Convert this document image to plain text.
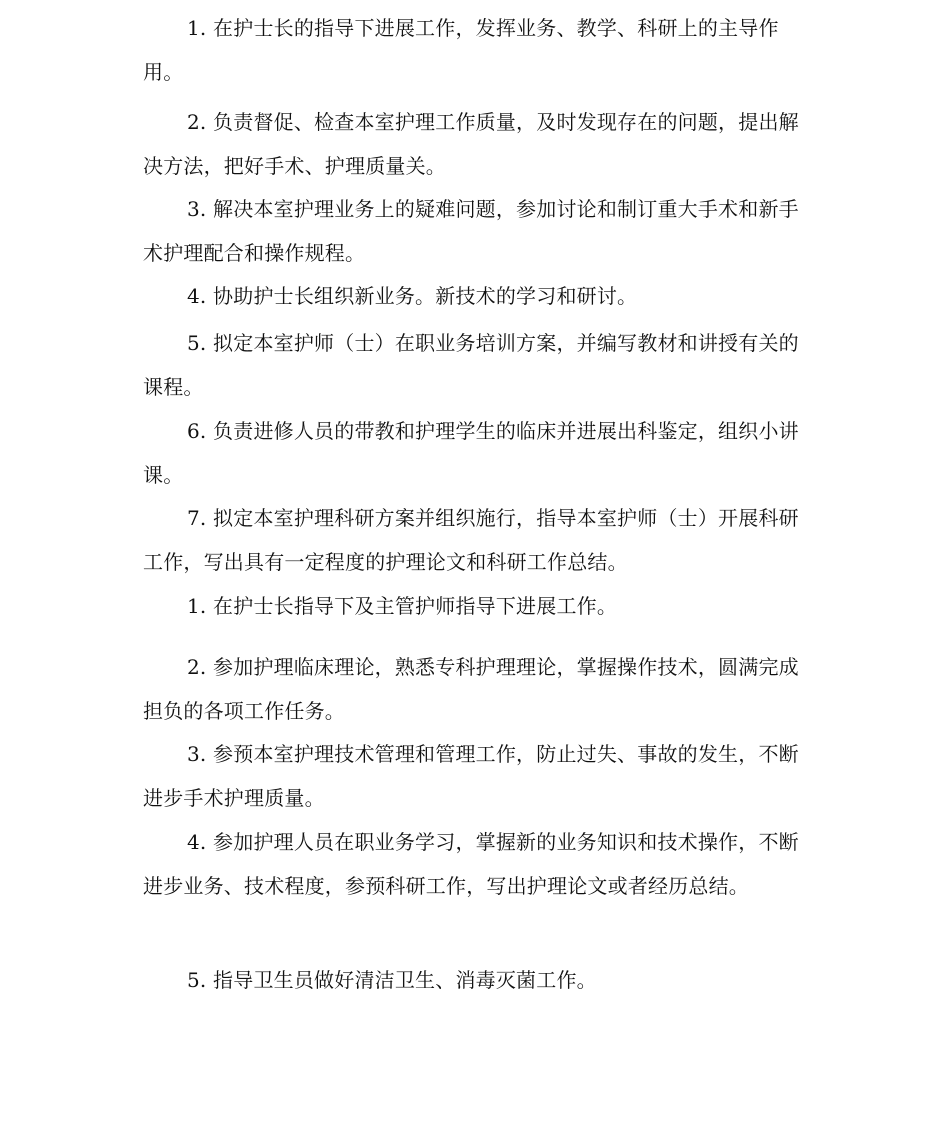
1. 在护士长的指导下进展工作，发挥业务、教学、科研上的主导作用。

2. 负责督促、检查本室护理工作质量，及时发现存在的问题，提出解决方法，把好手术、护理质量关。

3. 解决本室护理业务上的疑难问题，参加讨论和制订重大手术和新手术护理配合和操作规程。

4. 协助护士长组织新业务。新技术的学习和研讨。

5. 拟定本室护师（士）在职业务培训方案，并编写教材和讲授有关的课程。

6. 负责进修人员的带教和护理学生的临床并进展出科鉴定，组织小讲课。

7. 拟定本室护理科研方案并组织施行，指导本室护师（士）开展科研工作，写出具有一定程度的护理论文和科研工作总结。

1. 在护士长指导下及主管护师指导下进展工作。

2. 参加护理临床理论，熟悉专科护理理论，掌握操作技术，圆满完成担负的各项工作任务。

3. 参预本室护理技术管理和管理工作，防止过失、事故的发生，不断进步手术护理质量。

4. 参加护理人员在职业务学习，掌握新的业务知识和技术操作，不断进步业务、技术程度，参预科研工作，写出护理论文或者经历总结。

5. 指导卫生员做好清洁卫生、消毒灭菌工作。
